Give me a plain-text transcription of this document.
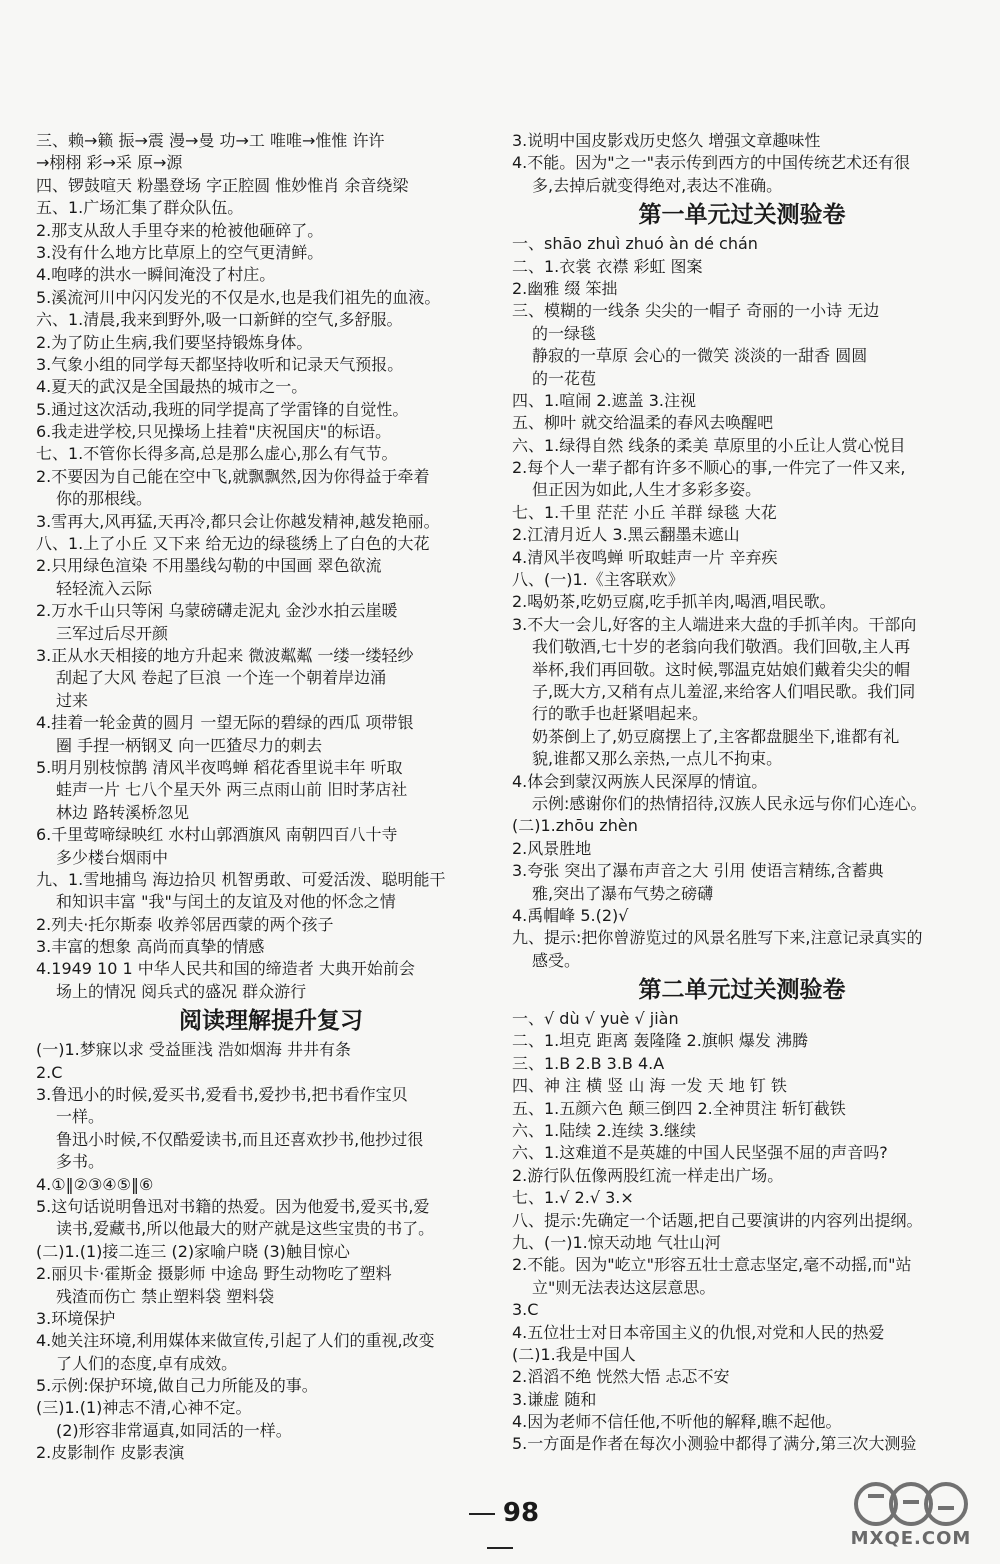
三、赖→籁 振→震 漫→曼 功→工 唯唯→惟惟 许许
→栩栩 彩→采 原→源
四、锣鼓喧天 粉墨登场 字正腔圆 惟妙惟肖 余音绕梁
五、1.广场汇集了群众队伍。
2.那支从敌人手里夺来的枪被他砸碎了。
3.没有什么地方比草原上的空气更清鲜。
4.咆哮的洪水一瞬间淹没了村庄。
5.溪流河川中闪闪发光的不仅是水,也是我们祖先的血液。
六、1.清晨,我来到野外,吸一口新鲜的空气,多舒服。
2.为了防止生病,我们要坚持锻炼身体。
3.气象小组的同学每天都坚持收听和记录天气预报。
4.夏天的武汉是全国最热的城市之一。
5.通过这次活动,我班的同学提高了学雷锋的自觉性。
6.我走进学校,只见操场上挂着"庆祝国庆"的标语。
七、1.不管你长得多高,总是那么虚心,那么有气节。
2.不要因为自己能在空中飞,就飘飘然,因为你得益于牵着
你的那根线。
3.雪再大,风再猛,天再冷,都只会让你越发精神,越发艳丽。
八、1.上了小丘 又下来 给无边的绿毯绣上了白色的大花
2.只用绿色渲染 不用墨线勾勒的中国画 翠色欲流
轻轻流入云际
2.万水千山只等闲 乌蒙磅礴走泥丸 金沙水拍云崖暖
三军过后尽开颜
3.正从水天相接的地方升起来 微波粼粼 一缕一缕轻纱
刮起了大风 卷起了巨浪 一个连一个朝着岸边涌
过来
4.挂着一轮金黄的圆月 一望无际的碧绿的西瓜 项带银
圈 手捏一柄钢叉 向一匹猹尽力的刺去
5.明月别枝惊鹊 清风半夜鸣蝉 稻花香里说丰年 听取
蛙声一片 七八个星天外 两三点雨山前 旧时茅店社
林边 路转溪桥忽见
6.千里莺啼绿映红 水村山郭酒旗风 南朝四百八十寺
多少楼台烟雨中
九、1.雪地捕鸟 海边拾贝 机智勇敢、可爱活泼、聪明能干
和知识丰富 "我"与闰土的友谊及对他的怀念之情
2.列夫·托尔斯泰 收养邻居西蒙的两个孩子
3.丰富的想象 高尚而真挚的情感
4.1949 10 1 中华人民共和国的缔造者 大典开始前会
场上的情况 阅兵式的盛况 群众游行
阅读理解提升复习
(一)1.梦寐以求 受益匪浅 浩如烟海 井井有条
2.C
3.鲁迅小的时候,爱买书,爱看书,爱抄书,把书看作宝贝
一样。
鲁迅小时候,不仅酷爱读书,而且还喜欢抄书,他抄过很
多书。
4.①‖②③④⑤‖⑥
5.这句话说明鲁迅对书籍的热爱。因为他爱书,爱买书,爱
读书,爱藏书,所以他最大的财产就是这些宝贵的书了。
(二)1.(1)接二连三 (2)家喻户晓 (3)触目惊心
2.丽贝卡·霍斯金 摄影师 中途岛 野生动物吃了塑料
残渣而伤亡 禁止塑料袋 塑料袋
3.环境保护
4.她关注环境,利用媒体来做宣传,引起了人们的重视,改变
了人们的态度,卓有成效。
5.示例:保护环境,做自己力所能及的事。
(三)1.(1)神志不清,心神不定。
(2)形容非常逼真,如同活的一样。
2.皮影制作 皮影表演
3.说明中国皮影戏历史悠久 增强文章趣味性
4.不能。因为"之一"表示传到西方的中国传统艺术还有很
多,去掉后就变得绝对,表达不准确。
第一单元过关测验卷
一、shāo zhuì zhuó àn dé chán
二、1.衣裳 衣襟 彩虹 图案
2.幽雅 缀 笨拙
三、模糊的一线条 尖尖的一帽子 奇丽的一小诗 无边
的一绿毯
静寂的一草原 会心的一微笑 淡淡的一甜香 圆圆
的一花苞
四、1.喧闹 2.遮盖 3.注视
五、柳叶 就交给温柔的春风去唤醒吧
六、1.绿得自然 线条的柔美 草原里的小丘让人赏心悦目
2.每个人一辈子都有许多不顺心的事,一件完了一件又来,
但正因为如此,人生才多彩多姿。
七、1.千里 茫茫 小丘 羊群 绿毯 大花
2.江清月近人 3.黑云翻墨未遮山
4.清风半夜鸣蝉 听取蛙声一片 辛弃疾
八、(一)1.《主客联欢》
2.喝奶茶,吃奶豆腐,吃手抓羊肉,喝酒,唱民歌。
3.不大一会儿,好客的主人端进来大盘的手抓羊肉。干部向
我们敬酒,七十岁的老翁向我们敬酒。我们回敬,主人再
举杯,我们再回敬。这时候,鄂温克姑娘们戴着尖尖的帽
子,既大方,又稍有点儿羞涩,来给客人们唱民歌。我们同
行的歌手也赶紧唱起来。
奶茶倒上了,奶豆腐摆上了,主客都盘腿坐下,谁都有礼
貌,谁都又那么亲热,一点儿不拘束。
4.体会到蒙汉两族人民深厚的情谊。
示例:感谢你们的热情招待,汉族人民永远与你们心连心。
(二)1.zhōu zhèn
2.风景胜地
3.夸张 突出了瀑布声音之大 引用 使语言精练,含蓄典
雅,突出了瀑布气势之磅礴
4.禹帽峰 5.(2)√
九、提示:把你曾游览过的风景名胜写下来,注意记录真实的
感受。
第二单元过关测验卷
一、√ dù √ yuè √ jiàn
二、1.坦克 距离 轰隆隆 2.旗帜 爆发 沸腾
三、1.B 2.B 3.B 4.A
四、神 注 横 竖 山 海 一发 天 地 钉 铁
五、1.五颜六色 颠三倒四 2.全神贯注 斩钉截铁
六、1.陆续 2.连续 3.继续
六、1.这难道不是英雄的中国人民坚强不屈的声音吗?
2.游行队伍像两股红流一样走出广场。
七、1.√ 2.√ 3.×
八、提示:先确定一个话题,把自己要演讲的内容列出提纲。
九、(一)1.惊天动地 气壮山河
2.不能。因为"屹立"形容五壮士意志坚定,毫不动摇,而"站
立"则无法表达这层意思。
3.C
4.五位壮士对日本帝国主义的仇恨,对党和人民的热爱
(二)1.我是中国人
2.滔滔不绝 恍然大悟 忐忑不安
3.谦虚 随和
4.因为老师不信任他,不听他的解释,瞧不起他。
5.一方面是作者在每次小测验中都得了满分,第三次大测验
98
MXQE.COM
